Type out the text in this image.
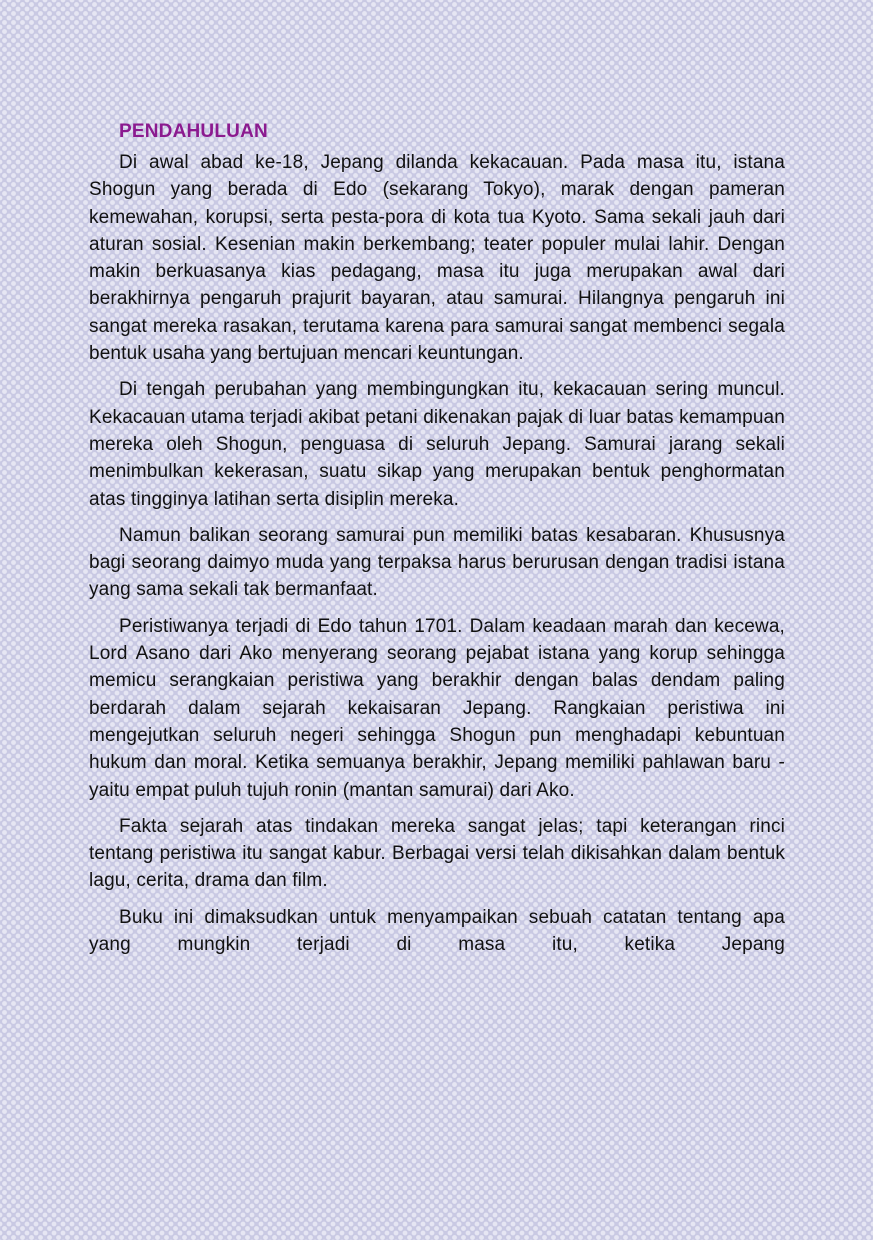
PENDAHULUAN

Di awal abad ke-18, Jepang dilanda kekacauan. Pada masa itu, istana Shogun yang berada di Edo (sekarang Tokyo), marak dengan pameran kemewahan, korupsi, serta pesta-pora di kota tua Kyoto. Sama sekali jauh dari aturan sosial. Kesenian makin berkembang; teater populer mulai lahir. Dengan makin berkuasanya kias pedagang, masa itu juga merupakan awal dari berakhirnya pengaruh prajurit bayaran, atau samurai. Hilangnya pengaruh ini sangat mereka rasakan, terutama karena para samurai sangat membenci segala bentuk usaha yang bertujuan mencari keuntungan.

Di tengah perubahan yang membingungkan itu, kekacauan sering muncul. Kekacauan utama terjadi akibat petani dikenakan pajak di luar batas kemampuan mereka oleh Shogun, penguasa di seluruh Jepang. Samurai jarang sekali menimbulkan kekerasan, suatu sikap yang merupakan bentuk penghormatan atas tingginya latihan serta disiplin mereka.

Namun balikan seorang samurai pun memiliki batas kesabaran. Khususnya bagi seorang daimyo muda yang terpaksa harus berurusan dengan tradisi istana yang sama sekali tak bermanfaat.

Peristiwanya terjadi di Edo tahun 1701. Dalam keadaan marah dan kecewa, Lord Asano dari Ako menyerang seorang pejabat istana yang korup sehingga memicu serangkaian peristiwa yang berakhir dengan balas dendam paling berdarah dalam sejarah kekaisaran Jepang. Rangkaian peristiwa ini mengejutkan seluruh negeri sehingga Shogun pun menghadapi kebuntuan hukum dan moral. Ketika semuanya berakhir, Jepang memiliki pahlawan baru - yaitu empat puluh tujuh ronin (mantan samurai) dari Ako.

Fakta sejarah atas tindakan mereka sangat jelas; tapi keterangan rinci tentang peristiwa itu sangat kabur. Berbagai versi telah dikisahkan dalam bentuk lagu, cerita, drama dan film.

Buku ini dimaksudkan untuk menyampaikan sebuah catatan tentang apa yang mungkin terjadi di masa itu, ketika Jepang
